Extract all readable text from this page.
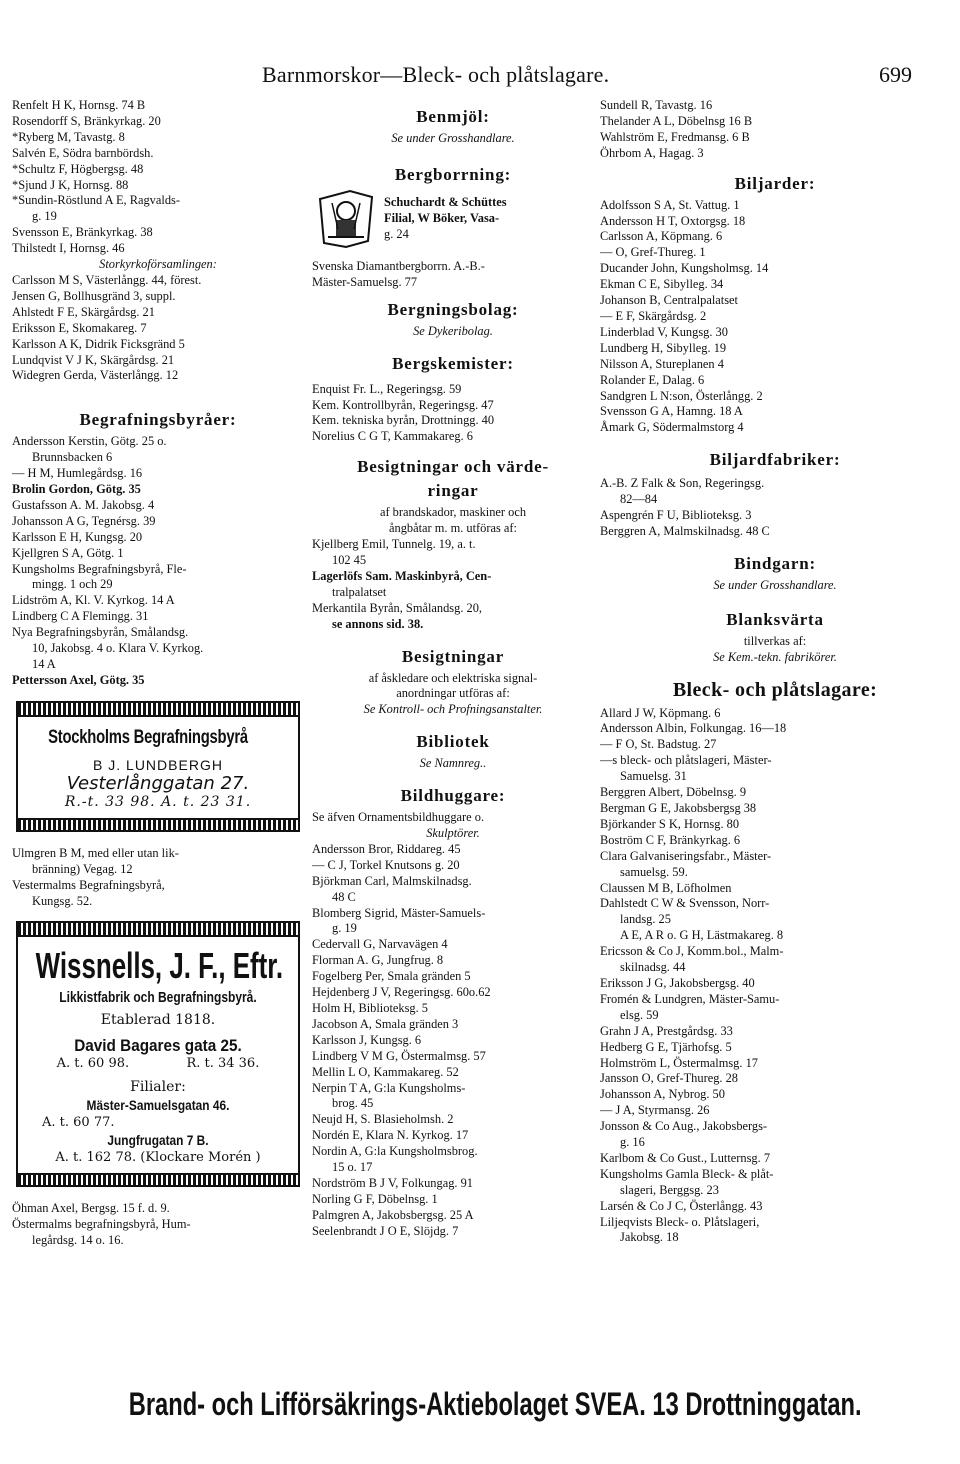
Barnmorskor—Bleck- och plåtslagare.	699
Renfelt H K, Hornsg. 74 B
Rosendorff S, Bränkyrkag. 20
*Ryberg M, Tavastg. 8
Salvén E, Södra barnbördsh.
*Schultz F, Högbergsg. 48
*Sjund J K, Hornsg. 88
*Sundin-Röstlund A E, Ragvalds-
g. 19
Svensson E, Bränkyrkag. 38
Thilstedt I, Hornsg. 46
Storkyrkoförsamlingen:
Carlsson M S, Västerlångg. 44, förest.
Jensen G, Bollhusgränd 3, suppl.
Ahlstedt F E, Skärgårdsg. 21
Eriksson E, Skomakareg. 7
Karlsson A K, Didrik Ficksgränd 5
Lundqvist V J K, Skärgårdsg. 21
Widegren Gerda, Västerlångg. 12
Begrafningsbyråer:
Andersson Kerstin, Götg. 25 o.
Brunnsbacken 6
— H M, Humlegårdsg. 16
Brolin Gordon, Götg. 35
Gustafsson A. M. Jakobsg. 4
Johansson A G, Tegnérsg. 39
Karlsson E H, Kungsg. 20
Kjellgren S A, Götg. 1
Kungsholms Begrafningsbyrå, Fle-
mingg. 1 och 29
Lidström A, Kl. V. Kyrkog. 14 A
Lindberg C A Flemingg. 31
Nya Begrafningsbyrån, Smålandsg.
10, Jakobsg. 4 o. Klara V. Kyrkog.
14 A
Pettersson Axel, Götg. 35
Stockholms Begrafningsbyrå
B J. LUNDBERGH
Vesterlånggatan 27.
R.-t. 33 98. A. t. 23 31.
Ulmgren B M, med eller utan lik-
bränning) Vegag. 12
Vestermalms Begrafningsbyrå,
Kungsg. 52.
Wissnells, J. F., Eftr.
Likkistfabrik och Begrafningsbyrå.
Etablerad 1818.
David Bagares gata 25.
A. t. 60 98.	R. t. 34 36.
Filialer:
Mäster-Samuelsgatan 46.
A. t. 60 77.
Jungfrugatan 7 B.
A. t. 162 78. (Klockare Morén )
Öhman Axel, Bergsg. 15 f. d. 9.
Östermalms begrafningsbyrå, Hum-
legårdsg. 14 o. 16.
Benmjöl:
Se under Grosshandlare.
Bergborrning:
Schuchardt & Schüttes
Filial, W Böker, Vasa-
g. 24
Svenska Diamantbergborrn. A.-B.-
Mäster-Samuelsg. 77
Bergningsbolag:
Se Dykeribolag.
Bergskemister:
Enquist Fr. L., Regeringsg. 59
Kem. Kontrollbyrån, Regeringsg. 47
Kem. tekniska byrån, Drottningg. 40
Norelius C G T, Kammakareg. 6
Besigtningar och värde-
ringar
af brandskador, maskiner och
ångbåtar m. m. utföras af:
Kjellberg Emil, Tunnelg. 19, a. t.
102 45
Lagerlöfs Sam. Maskinbyrå, Cen-
tralpalatset
Merkantila Byrån, Smålandsg. 20,
se annons sid. 38.
Besigtningar
af åskledare och elektriska signal-
anordningar utföras af:
Se Kontroll- och Profningsanstalter.
Bibliotek
Se Namnreg..
Bildhuggare:
Se äfven Ornamentsbildhuggare o.
Skulptörer.
Andersson Bror, Riddareg. 45
— C J, Torkel Knutsons g. 20
Björkman Carl, Malmskilnadsg.
48 C
Blomberg Sigrid, Mäster-Samuels-
g. 19
Cedervall G, Narvavägen 4
Florman A. G, Jungfrug. 8
Fogelberg Per, Smala gränden 5
Hejdenberg J V, Regeringsg. 60o.62
Holm H, Biblioteksg. 5
Jacobson A, Smala gränden 3
Karlsson J, Kungsg. 6
Lindberg V M G, Östermalmsg. 57
Mellin L O, Kammakareg. 52
Nerpin T A, G:la Kungsholms-
brog. 45
Neujd H, S. Blasieholmsh. 2
Nordén E, Klara N. Kyrkog. 17
Nordin A, G:la Kungsholmsbrog.
15 o. 17
Nordström B J V, Folkungag. 91
Norling G F, Döbelnsg. 1
Palmgren A, Jakobsbergsg. 25 A
Seelenbrandt J O E, Slöjdg. 7
Sundell R, Tavastg. 16
Thelander A L, Döbelnsg 16 B
Wahlström E, Fredmansg. 6 B
Öhrbom A, Hagag. 3
Biljarder:
Adolfsson S A, St. Vattug. 1
Andersson H T, Oxtorgsg. 18
Carlsson A, Köpmang. 6
— O, Gref-Thureg. 1
Ducander John, Kungsholmsg. 14
Ekman C E, Sibylleg. 34
Johanson B, Centralpalatset
— E F, Skärgårdsg. 2
Linderblad V, Kungsg. 30
Lundberg H, Sibylleg. 19
Nilsson A, Stureplanen 4
Rolander E, Dalag. 6
Sandgren L N:son, Österlångg. 2
Svensson G A, Hamng. 18 A
Åmark G, Södermalmstorg 4
Biljardfabriker:
A.-B. Z Falk & Son, Regeringsg.
82—84
Aspengrén F U, Biblioteksg. 3
Berggren A, Malmskilnadsg. 48 C
Bindgarn:
Se under Grosshandlare.
Blanksvärta
tillverkas af:
Se Kem.-tekn. fabrikörer.
Bleck- och plåtslagare:
Allard J W, Köpmang. 6
Andersson Albin, Folkungag. 16—18
— F O, St. Badstug. 27
—s bleck- och plåtslageri, Mäster-
Samuelsg. 31
Berggren Albert, Döbelnsg. 9
Bergman G E, Jakobsbergsg 38
Björkander S K, Hornsg. 80
Boström C F, Bränkyrkag. 6
Clara Galvaniseringsfabr., Mäster-
samuelsg. 59.
Claussen M B, Löfholmen
Dahlstedt C W & Svensson, Norr-
landsg. 25
A E, A R o. G H, Lästmakareg. 8
Ericsson & Co J, Komm.bol., Malm-
skilnadsg. 44
Eriksson J G, Jakobsbergsg. 40
Fromén & Lundgren, Mäster-Samu-
elsg. 59
Grahn J A, Prestgårdsg. 33
Hedberg G E, Tjärhofsg. 5
Holmström L, Östermalmsg. 17
Jansson O, Gref-Thureg. 28
Johansson A, Nybrog. 50
— J A, Styrmansg. 26
Jonsson & Co Aug., Jakobsbergs-
g. 16
Karlbom & Co Gust., Lutternsg. 7
Kungsholms Gamla Bleck- & plåt-
slageri, Berggsg. 23
Larsén & Co J C, Österlångg. 43
Liljeqvists Bleck- o. Plåtslageri,
Jakobsg. 18
Brand- och Lifförsäkrings-Aktiebolaget SVEA. 13 Drottninggatan.
